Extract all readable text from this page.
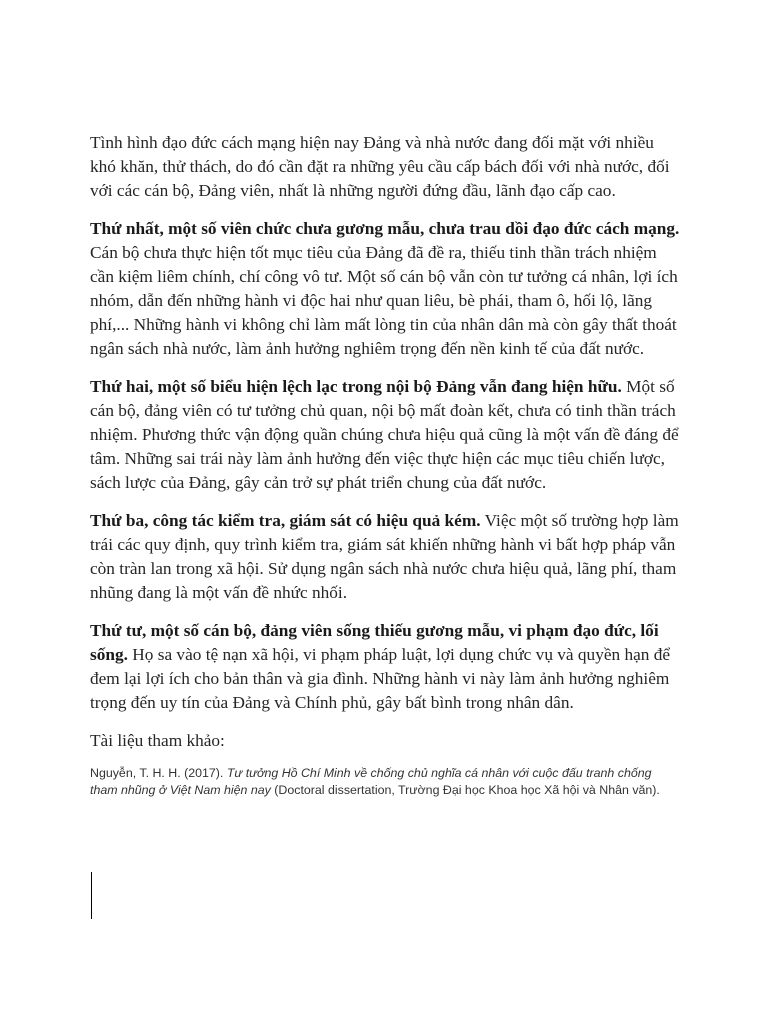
Tình hình đạo đức cách mạng hiện nay Đảng và nhà nước đang đối mặt với nhiều khó khăn, thử thách, do đó cần đặt ra những yêu cầu cấp bách đối với nhà nước, đối với các cán bộ, Đảng viên, nhất là những người đứng đầu, lãnh đạo cấp cao.

Thứ nhất, một số viên chức chưa gương mẫu, chưa trau dồi đạo đức cách mạng. Cán bộ chưa thực hiện tốt mục tiêu của Đảng đã đề ra, thiếu tinh thần trách nhiệm cần kiệm liêm chính, chí công vô tư. Một số cán bộ vẫn còn tư tưởng cá nhân, lợi ích nhóm, dẫn đến những hành vi độc hai như quan liêu, bè phái, tham ô, hối lộ, lãng phí,... Những hành vi không chỉ làm mất lòng tin của nhân dân mà còn gây thất thoát ngân sách nhà nước, làm ảnh hưởng nghiêm trọng đến nền kinh tế của đất nước.

Thứ hai, một số biểu hiện lệch lạc trong nội bộ Đảng vẫn đang hiện hữu. Một số cán bộ, đảng viên có tư tưởng chủ quan, nội bộ mất đoàn kết, chưa có tinh thần trách nhiệm. Phương thức vận động quần chúng chưa hiệu quả cũng là một vấn đề đáng để tâm. Những sai trái này làm ảnh hưởng đến việc thực hiện các mục tiêu chiến lược, sách lược của Đảng, gây cản trở sự phát triển chung của đất nước.

Thứ ba, công tác kiểm tra, giám sát có hiệu quả kém. Việc một số trường hợp làm trái các quy định, quy trình kiểm tra, giám sát khiến những hành vi bất hợp pháp vẫn còn tràn lan trong xã hội. Sử dụng ngân sách nhà nước chưa hiệu quả, lãng phí, tham nhũng đang là một vấn đề nhức nhối.

Thứ tư, một số cán bộ, đảng viên sống thiếu gương mẫu, vi phạm đạo đức, lối sống. Họ sa vào tệ nạn xã hội, vi phạm pháp luật, lợi dụng chức vụ và quyền hạn để đem lại lợi ích cho bản thân và gia đình. Những hành vi này làm ảnh hưởng nghiêm trọng đến uy tín của Đảng và Chính phủ, gây bất bình trong nhân dân.

Tài liệu tham khảo:

Nguyễn, T. H. H. (2017). Tư tưởng Hồ Chí Minh về chống chủ nghĩa cá nhân với cuộc đấu tranh chống tham nhũng ở Việt Nam hiện nay (Doctoral dissertation, Trường Đại học Khoa học Xã hội và Nhân văn).
